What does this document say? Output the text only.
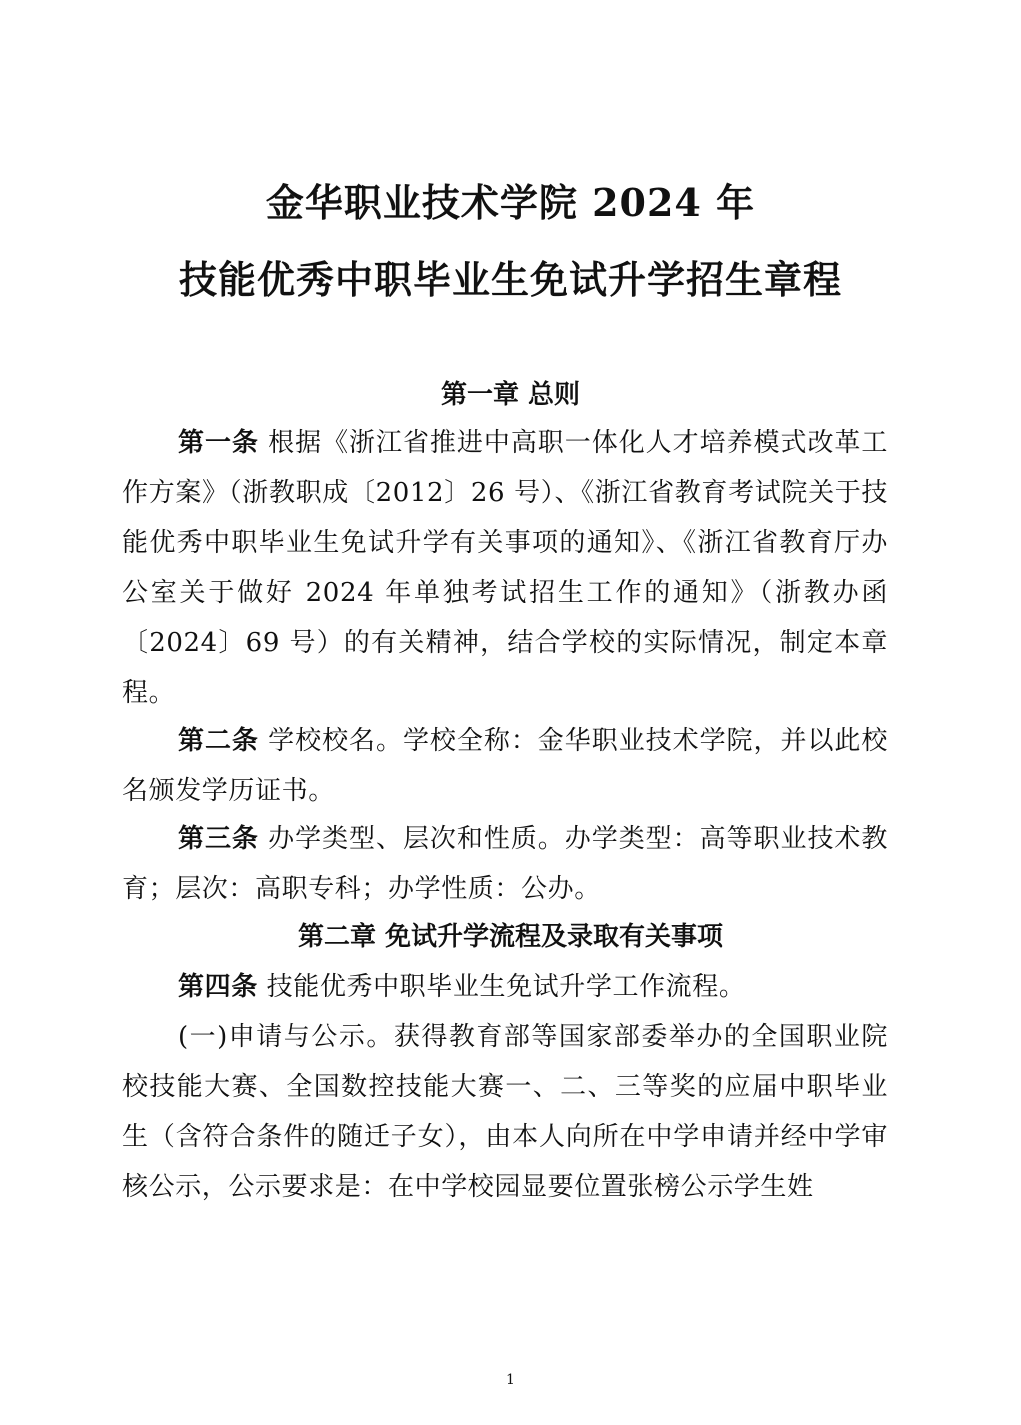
金华职业技术学院 2024 年
技能优秀中职毕业生免试升学招生章程
第一章 总则
第一条 根据《浙江省推进中高职一体化人才培养模式改革工作方案》（浙教职成〔2012〕26 号）、《浙江省教育考试院关于技能优秀中职毕业生免试升学有关事项的通知》、《浙江省教育厅办公室关于做好 2024 年单独考试招生工作的通知》（浙教办函〔2024〕69 号）的有关精神，结合学校的实际情况，制定本章程。
第二条 学校校名。学校全称：金华职业技术学院，并以此校名颁发学历证书。
第三条 办学类型、层次和性质。办学类型：高等职业技术教育；层次：高职专科；办学性质：公办。
第二章 免试升学流程及录取有关事项
第四条 技能优秀中职毕业生免试升学工作流程。
(一)申请与公示。获得教育部等国家部委举办的全国职业院校技能大赛、全国数控技能大赛一、二、三等奖的应届中职毕业生（含符合条件的随迁子女），由本人向所在中学申请并经中学审核公示，公示要求是：在中学校园显要位置张榜公示学生姓
1
